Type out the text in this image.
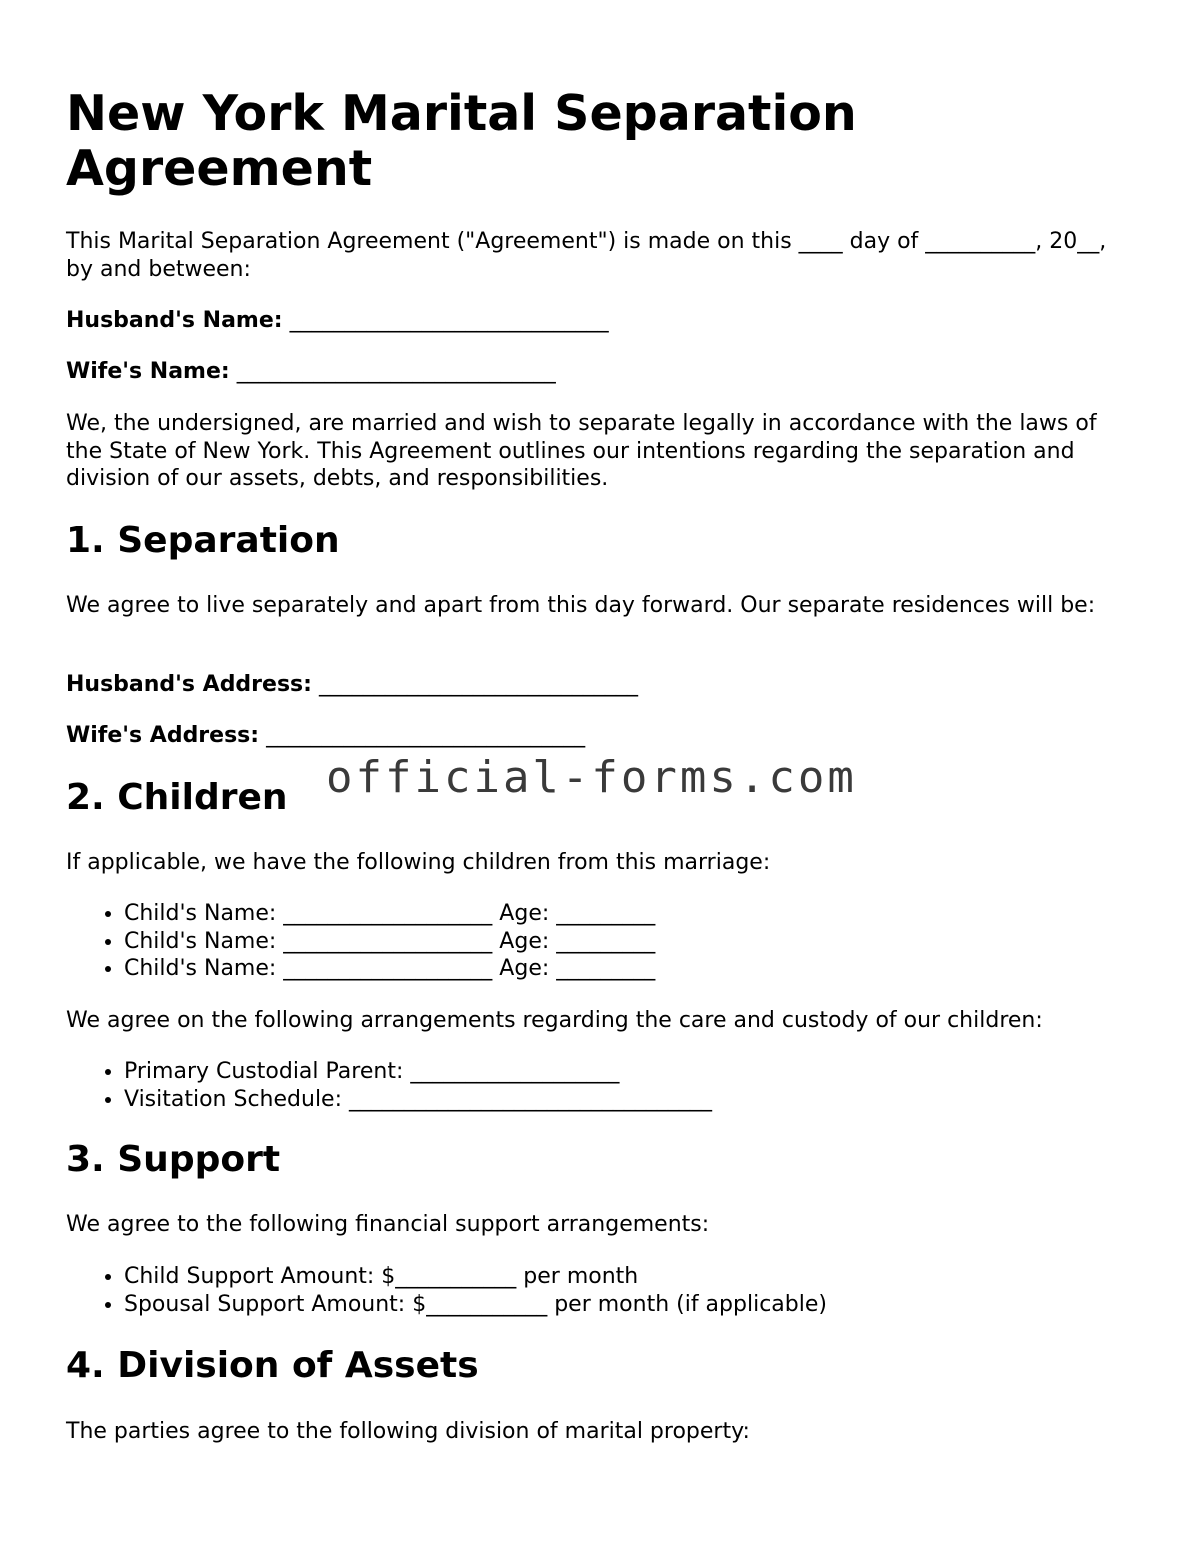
New York Marital Separation Agreement

This Marital Separation Agreement ("Agreement") is made on this ____ day of __________, 20__, by and between:

Husband's Name: _____________________________
Wife's Name: _____________________________

We, the undersigned, are married and wish to separate legally in accordance with the laws of the State of New York. This Agreement outlines our intentions regarding the separation and division of our assets, debts, and responsibilities.

1. Separation

We agree to live separately and apart from this day forward. Our separate residences will be:

Husband's Address: _____________________________
Wife's Address: _____________________________
2. Children

If applicable, we have the following children from this marriage:

• Child's Name: ___________________ Age: _________
• Child's Name: ___________________ Age: _________
• Child's Name: ___________________ Age: _________

We agree on the following arrangements regarding the care and custody of our children:

• Primary Custodial Parent: ___________________
• Visitation Schedule: _________________________________
3. Support

We agree to the following financial support arrangements:

• Child Support Amount: $___________ per month
• Spousal Support Amount: $___________ per month (if applicable)
4. Division of Assets

The parties agree to the following division of marital property:

official-forms.com
